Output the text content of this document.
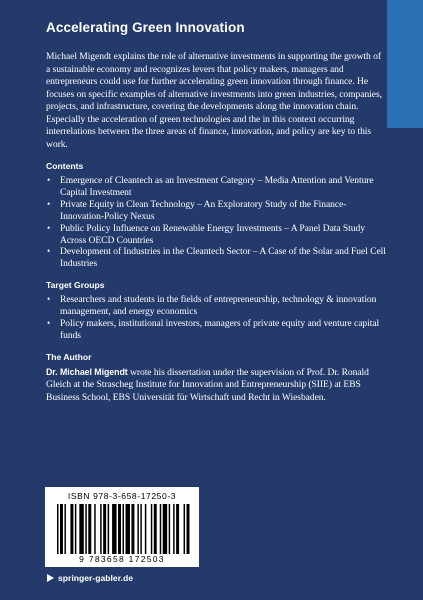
Accelerating Green Innovation

Michael Migendt explains the role of alternative investments in supporting the growth of a sustainable economy and recognizes levers that policy makers, managers and entrepreneurs could use for further accelerating green innovation through finance. He focuses on specific examples of alternative investments into green industries, companies, projects, and infrastructure, covering the developments along the innovation chain. Especially the acceleration of green technologies and the in this context occurring interrelations between the three areas of finance, innovation, and policy are key to this work.

Contents
• Emergence of Cleantech as an Investment Category – Media Attention and Venture Capital Investment
• Private Equity in Clean Technology – An Exploratory Study of the Finance-Innovation-Policy Nexus
• Public Policy Influence on Renewable Energy Investments – A Panel Data Study Across OECD Countries
• Development of Industries in the Cleantech Sector – A Case of the Solar and Fuel Cell Industries
Target Groups
• Researchers and students in the fields of entrepreneurship, technology & innovation management, and energy economics
• Policy makers, institutional investors, managers of private equity and venture capital funds
The Author

Dr. Michael Migendt wrote his dissertation under the supervision of Prof. Dr. Ronald Gleich at the Strascheg Institute for Innovation and Entrepreneurship (SIIE) at EBS Business School, EBS Universität für Wirtschaft und Recht in Wiesbaden.

ISBN 978-3-658-17250-3
9 783658 172503
springer-gabler.de
